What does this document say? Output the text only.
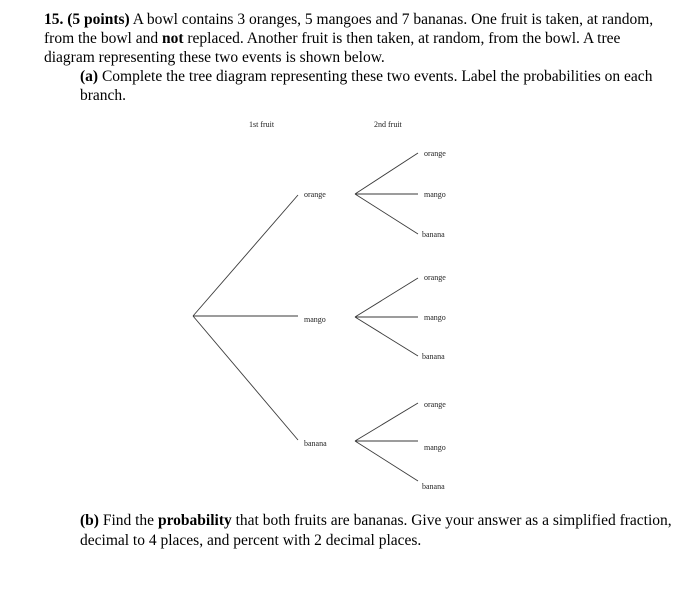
15. (5 points) A bowl contains 3 oranges, 5 mangoes and 7 bananas. One fruit is taken, at random, from the bowl and not replaced. Another fruit is then taken, at random, from the bowl. A tree diagram representing these two events is shown below.
(a) Complete the tree diagram representing these two events. Label the probabilities on each branch.
1st fruit	2nd fruit
orange
mango
banana
orange
mango
banana
orange
mango
banana
orange
mango
banana
(b) Find the probability that both fruits are bananas. Give your answer as a simplified fraction, decimal to 4 places, and percent with 2 decimal places.
